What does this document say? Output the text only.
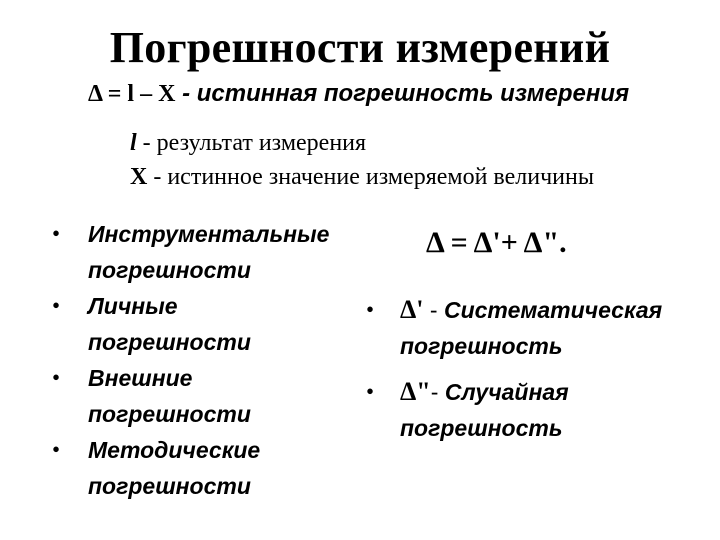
Погрешности измерений
Δ = l – X - истинная погрешность измерения
l - результат измерения
X - истинное значение измеряемой величины
• Инструментальные
погрешности
• Личные
погрешности
• Внешние
погрешности
• Методические
погрешности
Δ = Δ'+ Δ".
• Δ' - Систематическая
погрешность
• Δ"- Случайная
погрешность
